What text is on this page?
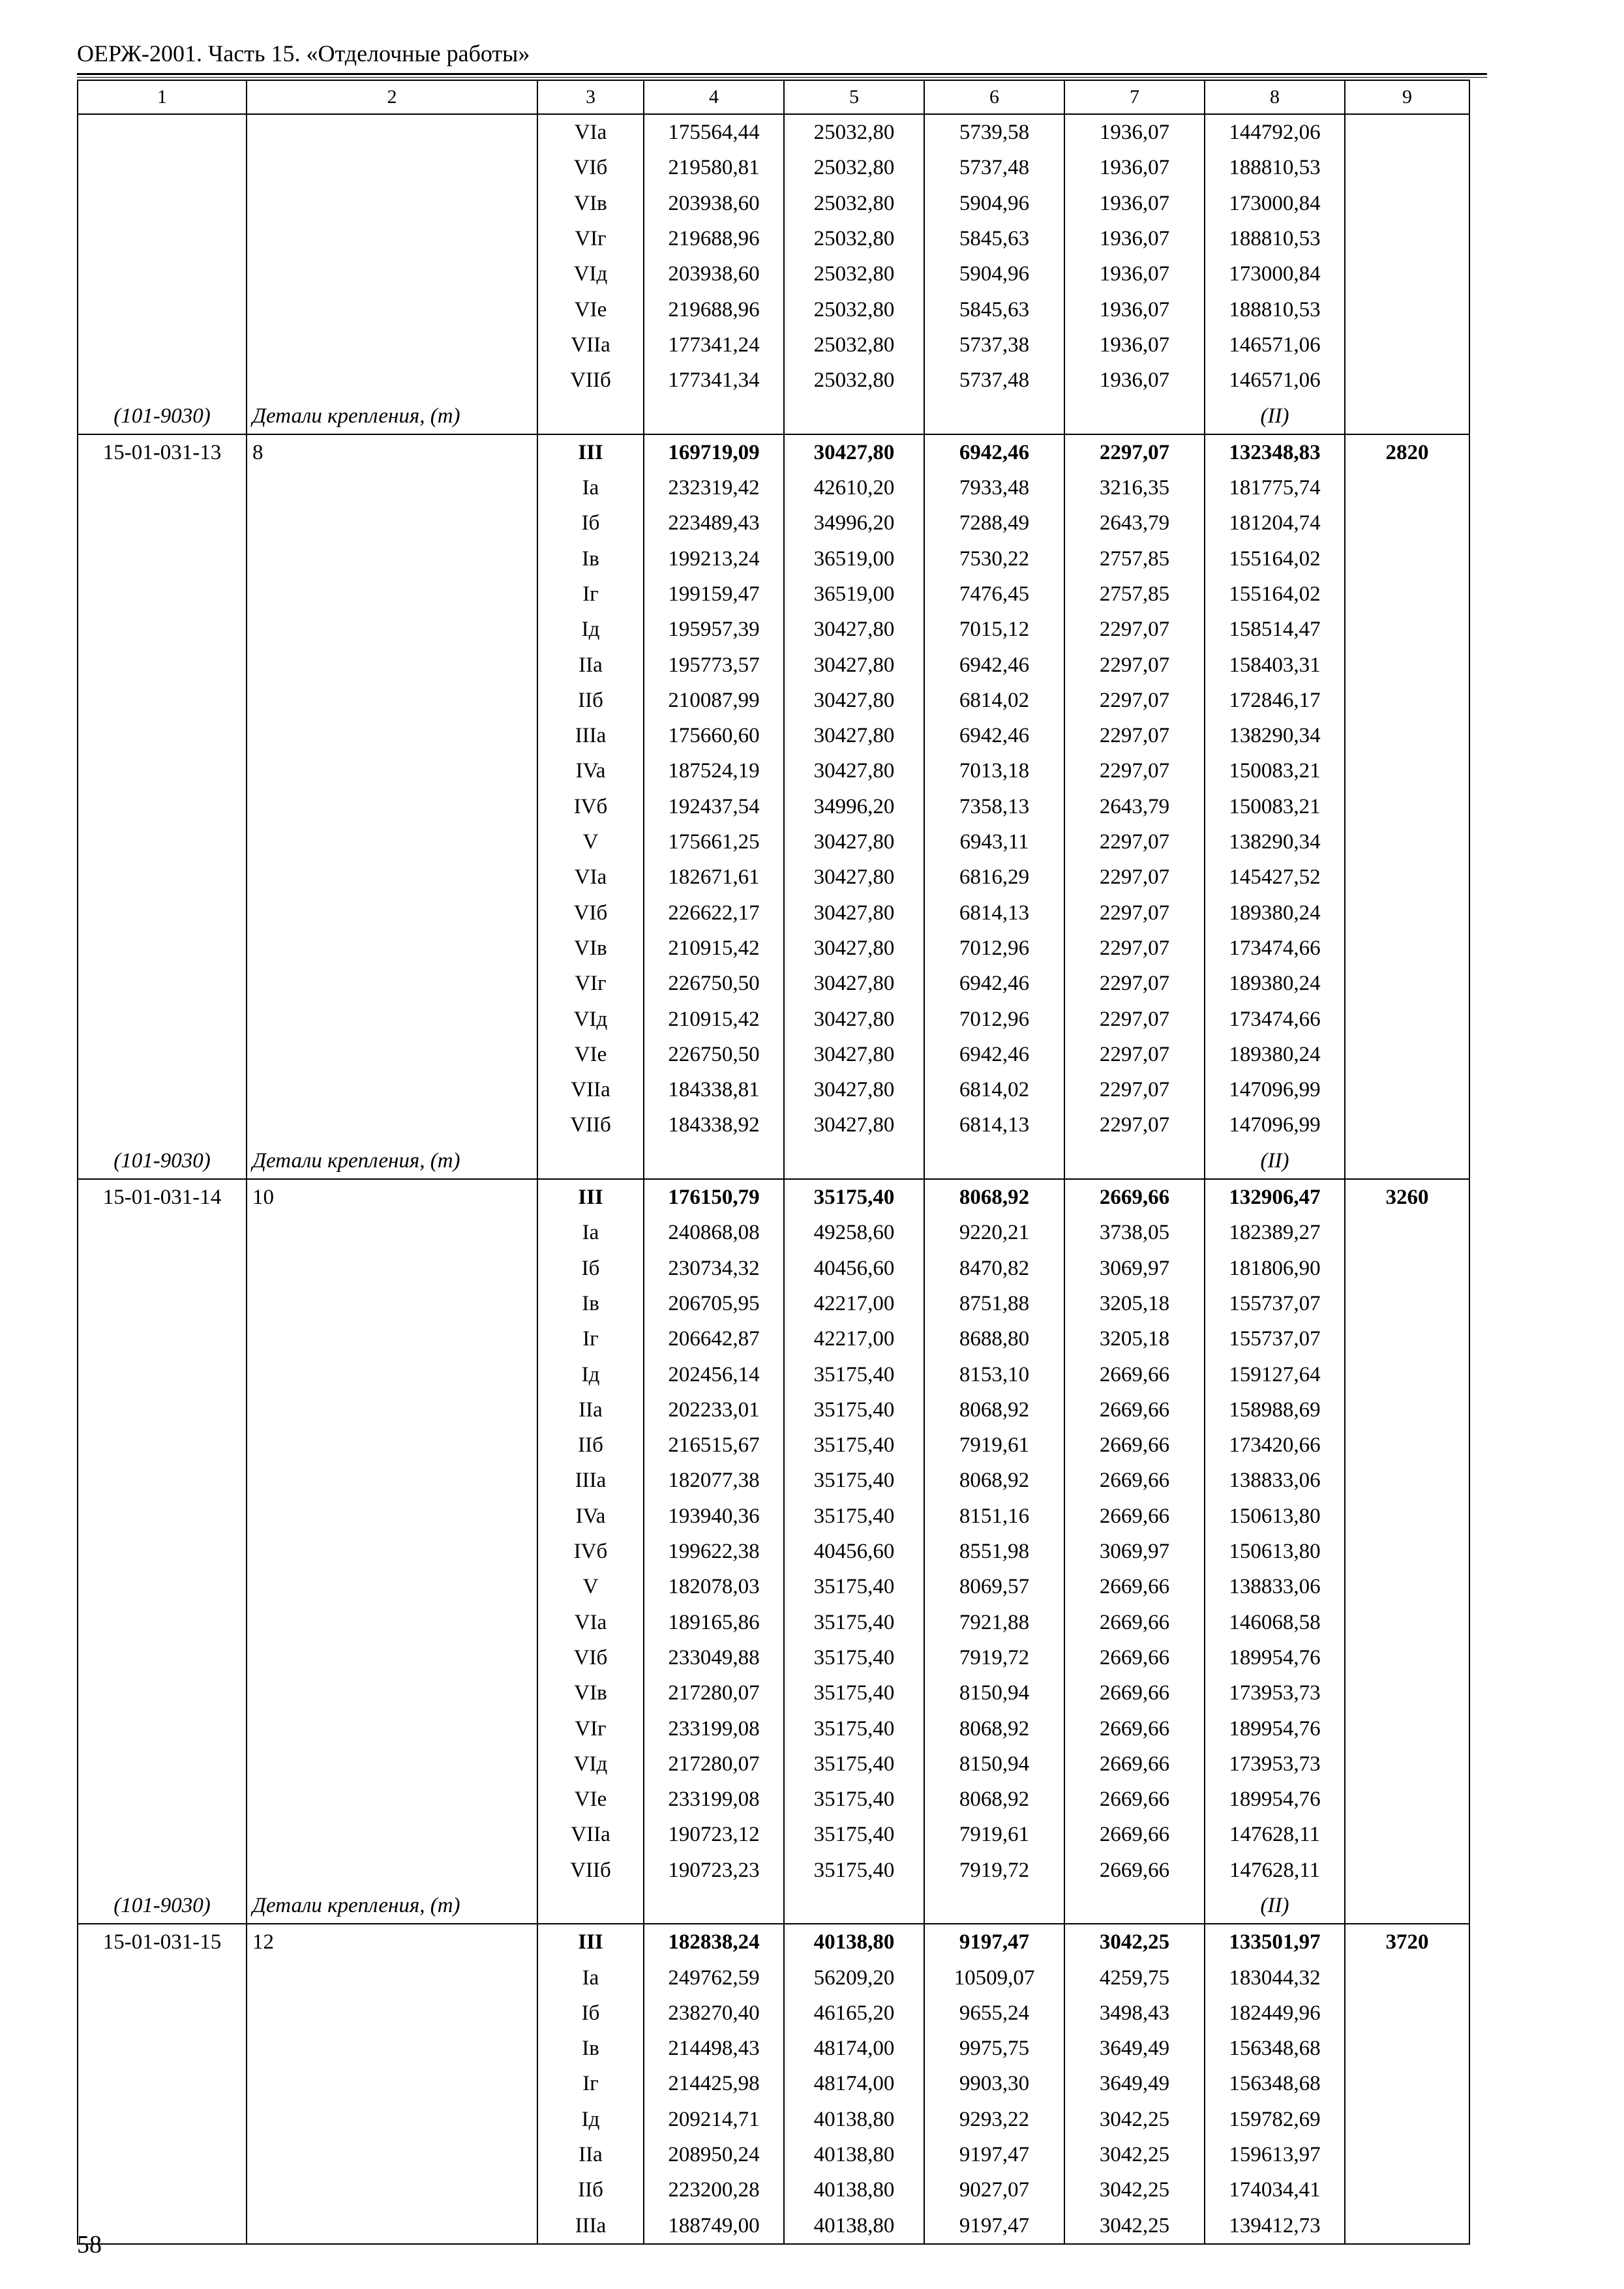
ОЕРЖ-2001. Часть 15. «Отделочные работы»
1	2	3	4	5	6	7	8	9
		VIa	175564,44	25032,80	5739,58	1936,07	144792,06	
		VIб	219580,81	25032,80	5737,48	1936,07	188810,53	
		VIв	203938,60	25032,80	5904,96	1936,07	173000,84	
		VIг	219688,96	25032,80	5845,63	1936,07	188810,53	
		VIд	203938,60	25032,80	5904,96	1936,07	173000,84	
		VIе	219688,96	25032,80	5845,63	1936,07	188810,53	
		VIIa	177341,24	25032,80	5737,38	1936,07	146571,06	
		VIIб	177341,34	25032,80	5737,48	1936,07	146571,06	
(101-9030)	Детали крепления, (т)						(II)	
15-01-031-13	8	III	169719,09	30427,80	6942,46	2297,07	132348,83	2820
		Ia	232319,42	42610,20	7933,48	3216,35	181775,74	
		Iб	223489,43	34996,20	7288,49	2643,79	181204,74	
		Iв	199213,24	36519,00	7530,22	2757,85	155164,02	
		Iг	199159,47	36519,00	7476,45	2757,85	155164,02	
		Iд	195957,39	30427,80	7015,12	2297,07	158514,47	
		IIa	195773,57	30427,80	6942,46	2297,07	158403,31	
		IIб	210087,99	30427,80	6814,02	2297,07	172846,17	
		IIIa	175660,60	30427,80	6942,46	2297,07	138290,34	
		IVa	187524,19	30427,80	7013,18	2297,07	150083,21	
		IVб	192437,54	34996,20	7358,13	2643,79	150083,21	
		V	175661,25	30427,80	6943,11	2297,07	138290,34	
		VIa	182671,61	30427,80	6816,29	2297,07	145427,52	
		VIб	226622,17	30427,80	6814,13	2297,07	189380,24	
		VIв	210915,42	30427,80	7012,96	2297,07	173474,66	
		VIг	226750,50	30427,80	6942,46	2297,07	189380,24	
		VIд	210915,42	30427,80	7012,96	2297,07	173474,66	
		VIе	226750,50	30427,80	6942,46	2297,07	189380,24	
		VIIa	184338,81	30427,80	6814,02	2297,07	147096,99	
		VIIб	184338,92	30427,80	6814,13	2297,07	147096,99	
(101-9030)	Детали крепления, (т)						(II)	
15-01-031-14	10	III	176150,79	35175,40	8068,92	2669,66	132906,47	3260
		Ia	240868,08	49258,60	9220,21	3738,05	182389,27	
		Iб	230734,32	40456,60	8470,82	3069,97	181806,90	
		Iв	206705,95	42217,00	8751,88	3205,18	155737,07	
		Iг	206642,87	42217,00	8688,80	3205,18	155737,07	
		Iд	202456,14	35175,40	8153,10	2669,66	159127,64	
		IIa	202233,01	35175,40	8068,92	2669,66	158988,69	
		IIб	216515,67	35175,40	7919,61	2669,66	173420,66	
		IIIa	182077,38	35175,40	8068,92	2669,66	138833,06	
		IVa	193940,36	35175,40	8151,16	2669,66	150613,80	
		IVб	199622,38	40456,60	8551,98	3069,97	150613,80	
		V	182078,03	35175,40	8069,57	2669,66	138833,06	
		VIa	189165,86	35175,40	7921,88	2669,66	146068,58	
		VIб	233049,88	35175,40	7919,72	2669,66	189954,76	
		VIв	217280,07	35175,40	8150,94	2669,66	173953,73	
		VIг	233199,08	35175,40	8068,92	2669,66	189954,76	
		VIд	217280,07	35175,40	8150,94	2669,66	173953,73	
		VIе	233199,08	35175,40	8068,92	2669,66	189954,76	
		VIIa	190723,12	35175,40	7919,61	2669,66	147628,11	
		VIIб	190723,23	35175,40	7919,72	2669,66	147628,11	
(101-9030)	Детали крепления, (т)						(II)	
15-01-031-15	12	III	182838,24	40138,80	9197,47	3042,25	133501,97	3720
		Ia	249762,59	56209,20	10509,07	4259,75	183044,32	
		Iб	238270,40	46165,20	9655,24	3498,43	182449,96	
		Iв	214498,43	48174,00	9975,75	3649,49	156348,68	
		Iг	214425,98	48174,00	9903,30	3649,49	156348,68	
		Iд	209214,71	40138,80	9293,22	3042,25	159782,69	
		IIa	208950,24	40138,80	9197,47	3042,25	159613,97	
		IIб	223200,28	40138,80	9027,07	3042,25	174034,41	
		IIIa	188749,00	40138,80	9197,47	3042,25	139412,73	
58
